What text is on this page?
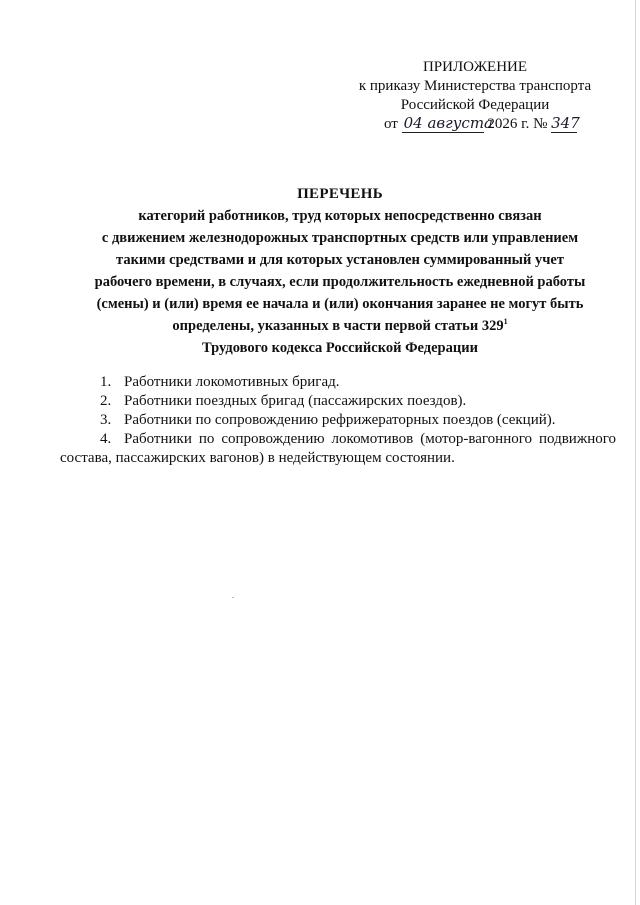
ПРИЛОЖЕНИЕ
к приказу Министерства транспорта
Российской Федерации
от 04 августа 2026 г. № 347
ПЕРЕЧЕНЬ
категорий работников, труд которых непосредственно связан
с движением железнодорожных транспортных средств или управлением
такими средствами и для которых установлен суммированный учет
рабочего времени, в случаях, если продолжительность ежедневной работы
(смены) и (или) время ее начала и (или) окончания заранее не могут быть
определены, указанных в части первой статьи $329^1$
Трудового кодекса Российской Федерации
1. Работники локомотивных бригад.
2. Работники поездных бригад (пассажирских поездов).
3. Работники по сопровождению рефрижераторных поездов (секций).
4. Работники по сопровождению локомотивов (мотор-вагонного подвижного
состава, пассажирских вагонов) в недействующем состоянии.
